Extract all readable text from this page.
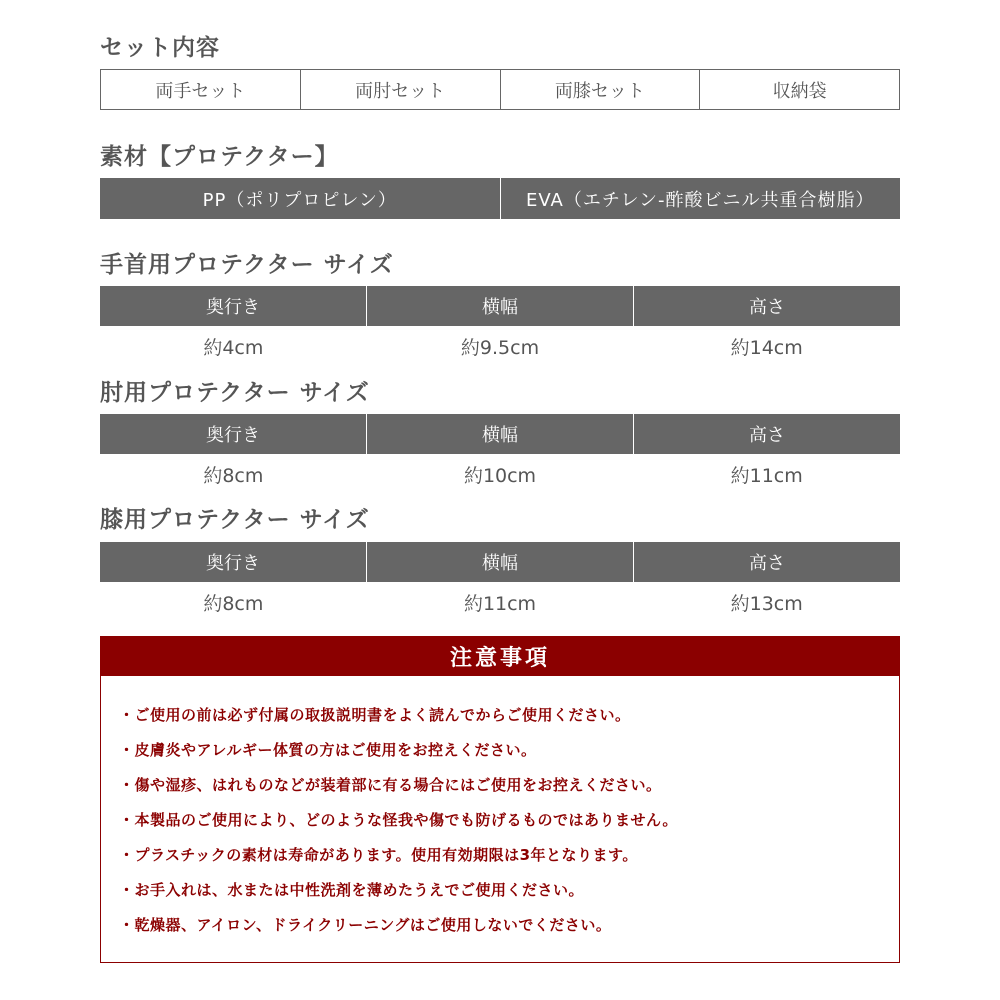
セット内容
両手セット	両肘セット	両膝セット	収納袋
素材【プロテクター】
PP（ポリプロピレン）	EVA（エチレン-酢酸ビニル共重合樹脂）
手首用プロテクター サイズ
奥行き	横幅	高さ
約4cm	約9.5cm	約14cm
肘用プロテクター サイズ
奥行き	横幅	高さ
約8cm	約10cm	約11cm
膝用プロテクター サイズ
奥行き	横幅	高さ
約8cm	約11cm	約13cm
注意事項
・ご使用の前は必ず付属の取扱説明書をよく読んでからご使用ください。
・皮膚炎やアレルギー体質の方はご使用をお控えください。
・傷や湿疹、はれものなどが装着部に有る場合にはご使用をお控えください。
・本製品のご使用により、どのような怪我や傷でも防げるものではありません。
・プラスチックの素材は寿命があります。使用有効期限は3年となります。
・お手入れは、水または中性洗剤を薄めたうえでご使用ください。
・乾燥器、アイロン、ドライクリーニングはご使用しないでください。
